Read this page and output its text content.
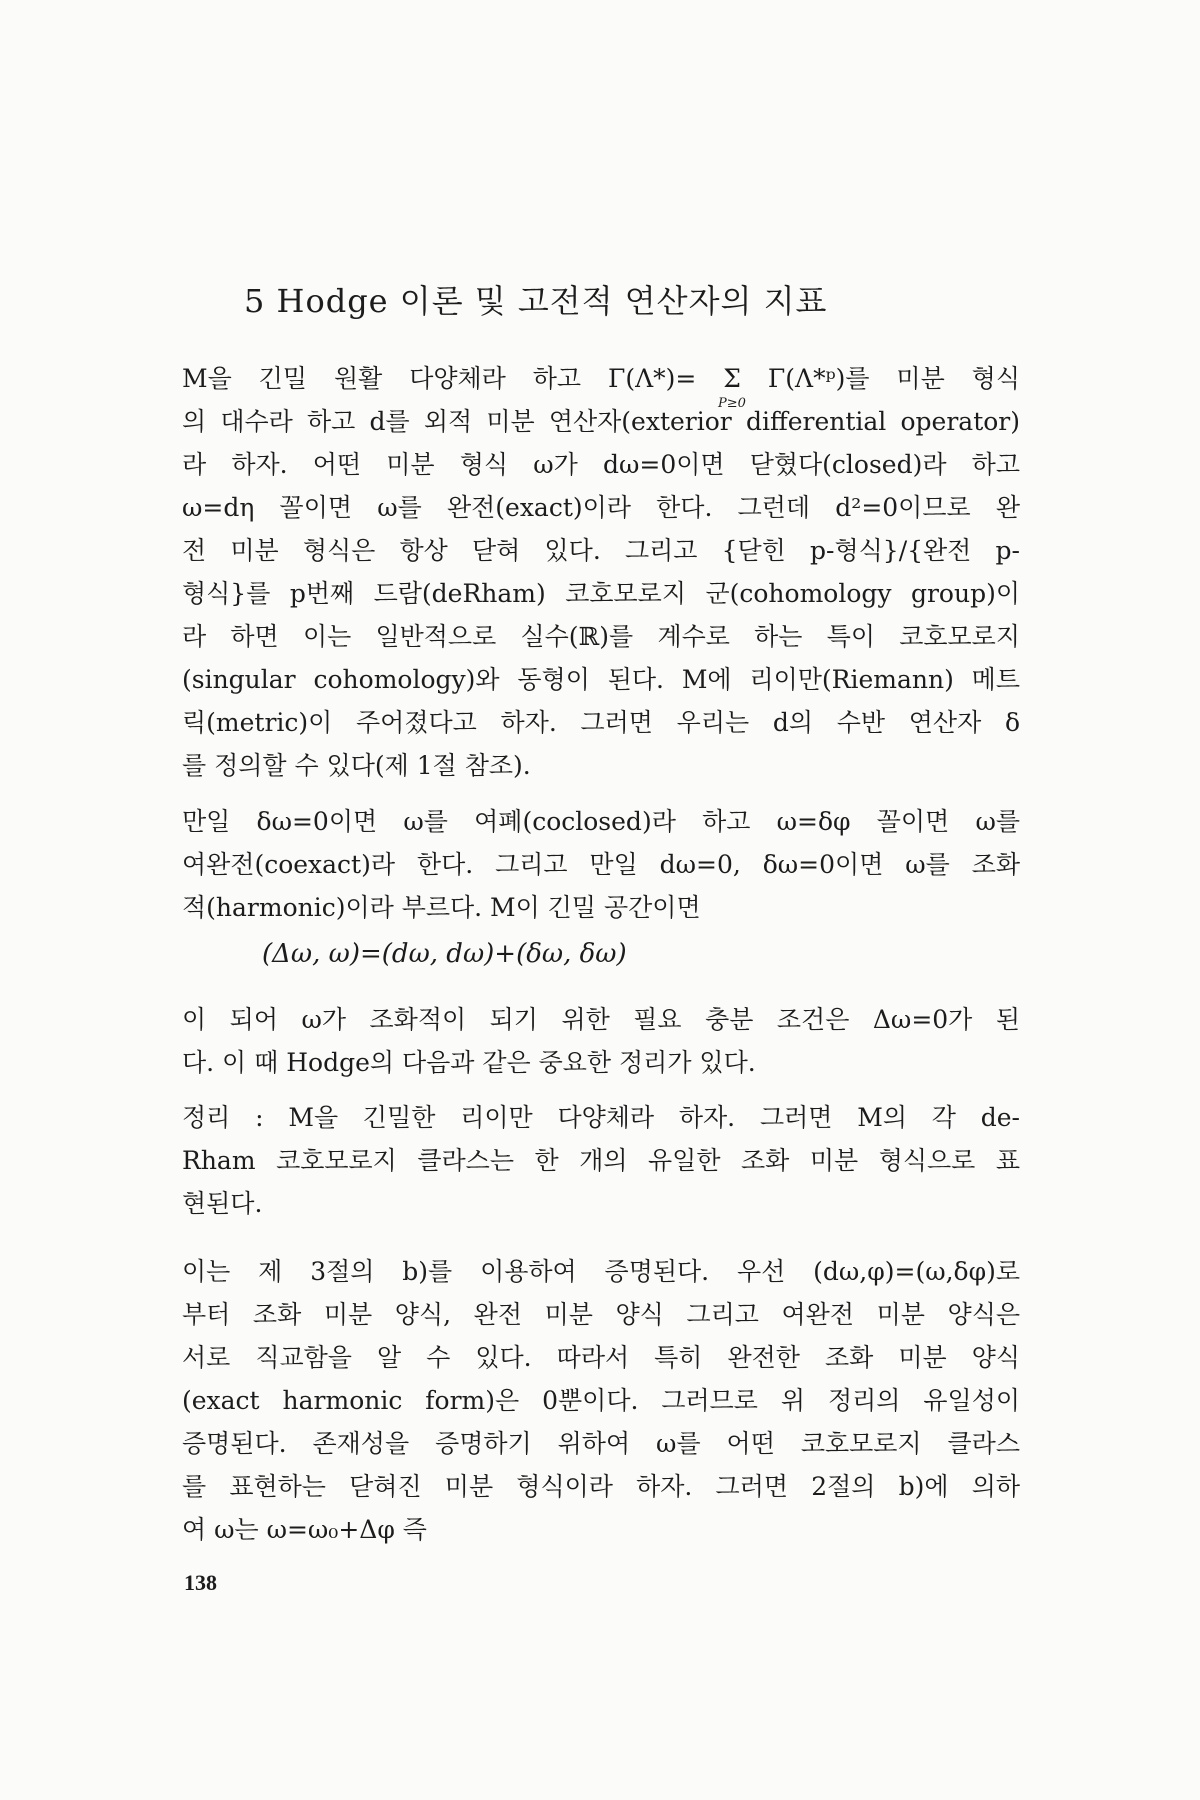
5 Hodge 이론 및 고전적 연산자의 지표
M을 긴밀 원활 다양체라 하고 Γ(Λ*)= Σ Γ(Λ*ᵖ)를 미분 형식
의 대수라 하고 d를 외적 미분 연산자(exterior differential operator)
라 하자. 어떤 미분 형식 ω가 dω=0이면 닫혔다(closed)라 하고
ω=dη 꼴이면 ω를 완전(exact)이라 한다. 그런데 d²=0이므로 완
전 미분 형식은 항상 닫혀 있다. 그리고 {닫힌 p-형식}/{완전 p-
형식}를 p번째 드람(deRham) 코호모로지 군(cohomology group)이
라 하면 이는 일반적으로 실수(ℝ)를 계수로 하는 특이 코호모로지
(singular cohomology)와 동형이 된다. M에 리이만(Riemann) 메트
릭(metric)이 주어졌다고 하자. 그러면 우리는 d의 수반 연산자 δ
를 정의할 수 있다(제 1절 참조).
P≥0
만일 δω=0이면 ω를 여폐(coclosed)라 하고 ω=δφ 꼴이면 ω를
여완전(coexact)라 한다. 그리고 만일 dω=0, δω=0이면 ω를 조화
적(harmonic)이라 부르다. M이 긴밀 공간이면
(Δω, ω)=(dω, dω)+(δω, δω)
이 되어 ω가 조화적이 되기 위한 필요 충분 조건은 Δω=0가 된
다. 이 때 Hodge의 다음과 같은 중요한 정리가 있다.
정리 : M을 긴밀한 리이만 다양체라 하자. 그러면 M의 각 de-
Rham 코호모로지 클라스는 한 개의 유일한 조화 미분 형식으로 표
현된다.
이는 제 3절의 b)를 이용하여 증명된다. 우선 (dω,φ)=(ω,δφ)로
부터 조화 미분 양식, 완전 미분 양식 그리고 여완전 미분 양식은
서로 직교함을 알 수 있다. 따라서 특히 완전한 조화 미분 양식
(exact harmonic form)은 0뿐이다. 그러므로 위 정리의 유일성이
증명된다. 존재성을 증명하기 위하여 ω를 어떤 코호모로지 클라스
를 표현하는 닫혀진 미분 형식이라 하자. 그러면 2절의 b)에 의하
여 ω는 ω=ω₀+Δφ 즉
138
